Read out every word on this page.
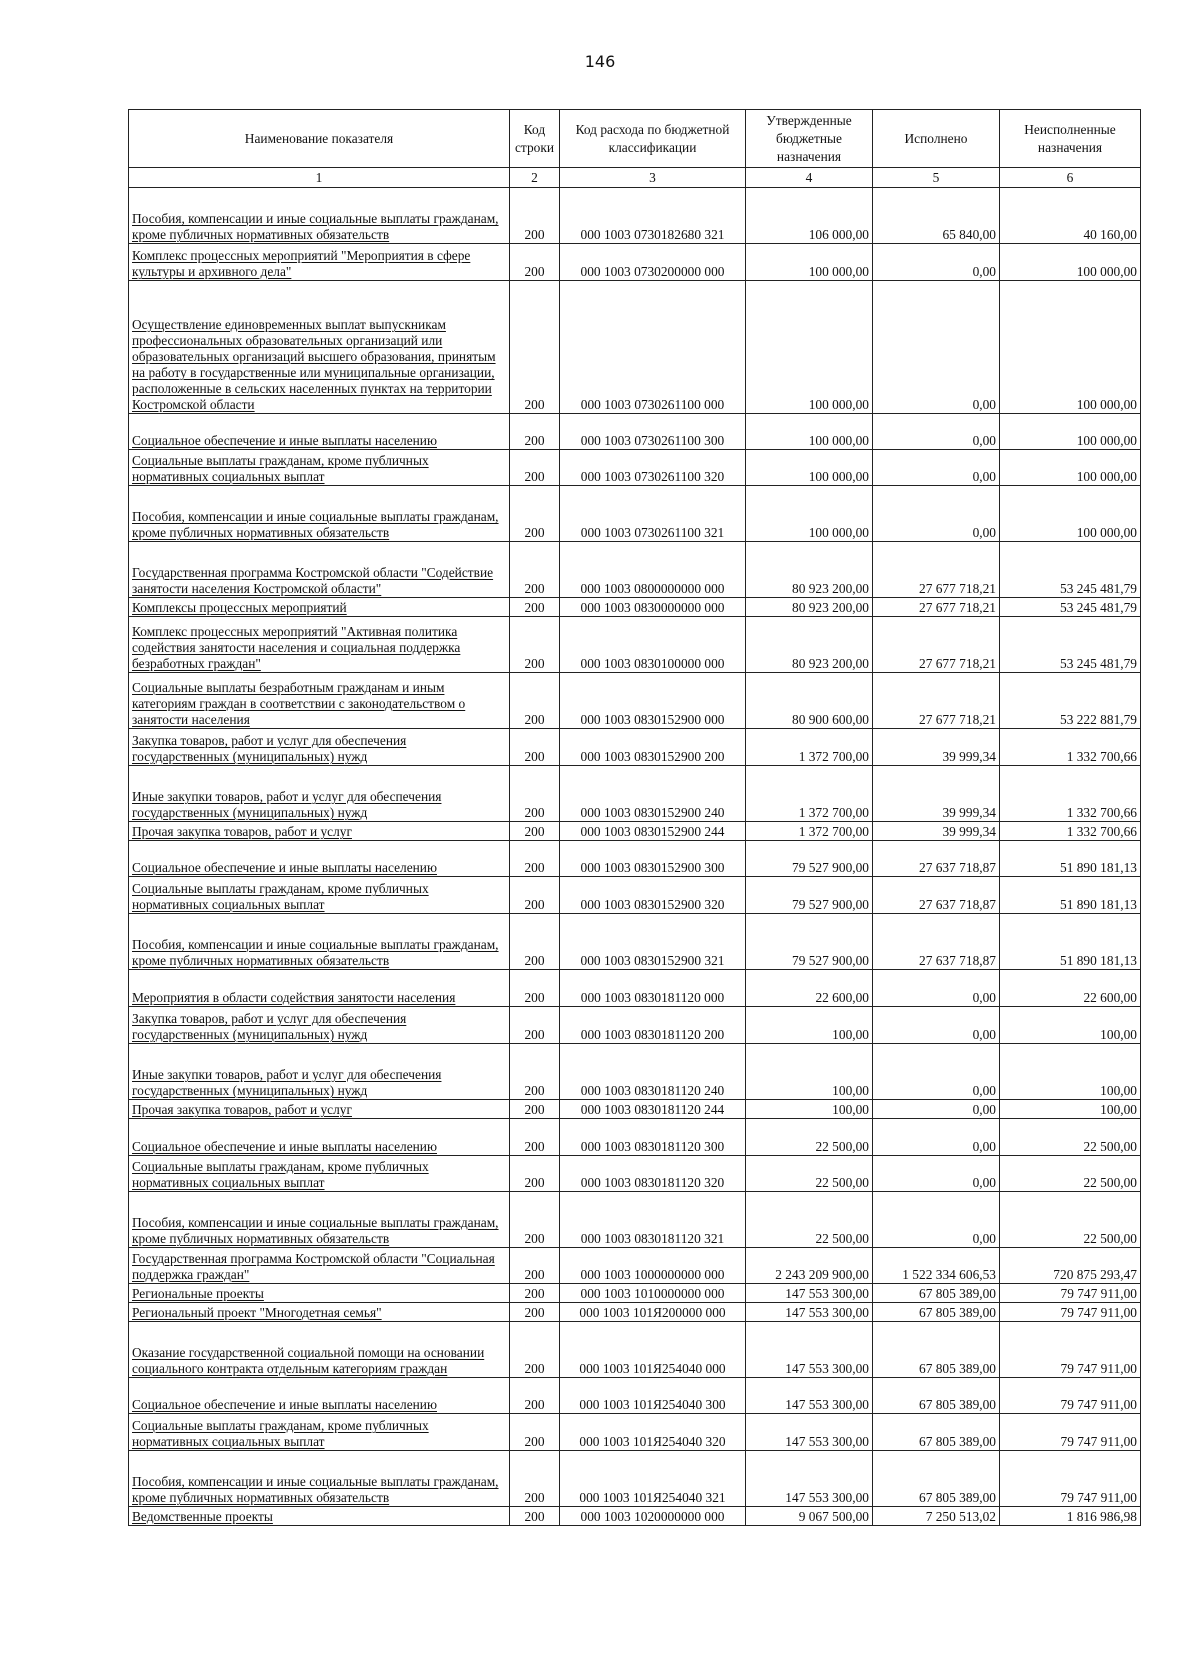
146
Наименование показателя	Код строки	Код расхода по бюджетной классификации	Утвержденные бюджетные назначения	Исполнено	Неисполненные назначения
1	2	3	4	5	6
Пособия, компенсации и иные социальные выплаты гражданам, кроме публичных нормативных обязательств	200	000 1003 0730182680 321	106 000,00	65 840,00	40 160,00
Комплекс процессных мероприятий "Мероприятия в сфере культуры и архивного дела"	200	000 1003 0730200000 000	100 000,00	0,00	100 000,00
Осуществление единовременных выплат выпускникам профессиональных образовательных организаций или образовательных организаций высшего образования, принятым на работу в государственные или муниципальные организации, расположенные в сельских населенных пунктах на территории Костромской области	200	000 1003 0730261100 000	100 000,00	0,00	100 000,00
Социальное обеспечение и иные выплаты населению	200	000 1003 0730261100 300	100 000,00	0,00	100 000,00
Социальные выплаты гражданам, кроме публичных нормативных социальных выплат	200	000 1003 0730261100 320	100 000,00	0,00	100 000,00
Пособия, компенсации и иные социальные выплаты гражданам, кроме публичных нормативных обязательств	200	000 1003 0730261100 321	100 000,00	0,00	100 000,00
Государственная программа Костромской области "Содействие занятости населения Костромской области"	200	000 1003 0800000000 000	80 923 200,00	27 677 718,21	53 245 481,79
Комплексы процессных мероприятий	200	000 1003 0830000000 000	80 923 200,00	27 677 718,21	53 245 481,79
Комплекс процессных мероприятий "Активная политика содействия занятости населения и социальная поддержка безработных граждан"	200	000 1003 0830100000 000	80 923 200,00	27 677 718,21	53 245 481,79
Социальные выплаты безработным гражданам и иным категориям граждан в соответствии с законодательством о занятости населения	200	000 1003 0830152900 000	80 900 600,00	27 677 718,21	53 222 881,79
Закупка товаров, работ и услуг для обеспечения государственных (муниципальных) нужд	200	000 1003 0830152900 200	1 372 700,00	39 999,34	1 332 700,66
Иные закупки товаров, работ и услуг для обеспечения государственных (муниципальных) нужд	200	000 1003 0830152900 240	1 372 700,00	39 999,34	1 332 700,66
Прочая закупка товаров, работ и услуг	200	000 1003 0830152900 244	1 372 700,00	39 999,34	1 332 700,66
Социальное обеспечение и иные выплаты населению	200	000 1003 0830152900 300	79 527 900,00	27 637 718,87	51 890 181,13
Социальные выплаты гражданам, кроме публичных нормативных социальных выплат	200	000 1003 0830152900 320	79 527 900,00	27 637 718,87	51 890 181,13
Пособия, компенсации и иные социальные выплаты гражданам, кроме публичных нормативных обязательств	200	000 1003 0830152900 321	79 527 900,00	27 637 718,87	51 890 181,13
Мероприятия в области содействия занятости населения	200	000 1003 0830181120 000	22 600,00	0,00	22 600,00
Закупка товаров, работ и услуг для обеспечения государственных (муниципальных) нужд	200	000 1003 0830181120 200	100,00	0,00	100,00
Иные закупки товаров, работ и услуг для обеспечения государственных (муниципальных) нужд	200	000 1003 0830181120 240	100,00	0,00	100,00
Прочая закупка товаров, работ и услуг	200	000 1003 0830181120 244	100,00	0,00	100,00
Социальное обеспечение и иные выплаты населению	200	000 1003 0830181120 300	22 500,00	0,00	22 500,00
Социальные выплаты гражданам, кроме публичных нормативных социальных выплат	200	000 1003 0830181120 320	22 500,00	0,00	22 500,00
Пособия, компенсации и иные социальные выплаты гражданам, кроме публичных нормативных обязательств	200	000 1003 0830181120 321	22 500,00	0,00	22 500,00
Государственная программа Костромской области "Социальная поддержка граждан"	200	000 1003 1000000000 000	2 243 209 900,00	1 522 334 606,53	720 875 293,47
Региональные проекты	200	000 1003 1010000000 000	147 553 300,00	67 805 389,00	79 747 911,00
Региональный проект "Многодетная семья"	200	000 1003 101Я200000 000	147 553 300,00	67 805 389,00	79 747 911,00
Оказание государственной социальной помощи на основании социального контракта отдельным категориям граждан	200	000 1003 101Я254040 000	147 553 300,00	67 805 389,00	79 747 911,00
Социальное обеспечение и иные выплаты населению	200	000 1003 101Я254040 300	147 553 300,00	67 805 389,00	79 747 911,00
Социальные выплаты гражданам, кроме публичных нормативных социальных выплат	200	000 1003 101Я254040 320	147 553 300,00	67 805 389,00	79 747 911,00
Пособия, компенсации и иные социальные выплаты гражданам, кроме публичных нормативных обязательств	200	000 1003 101Я254040 321	147 553 300,00	67 805 389,00	79 747 911,00
Ведомственные проекты	200	000 1003 1020000000 000	9 067 500,00	7 250 513,02	1 816 986,98
